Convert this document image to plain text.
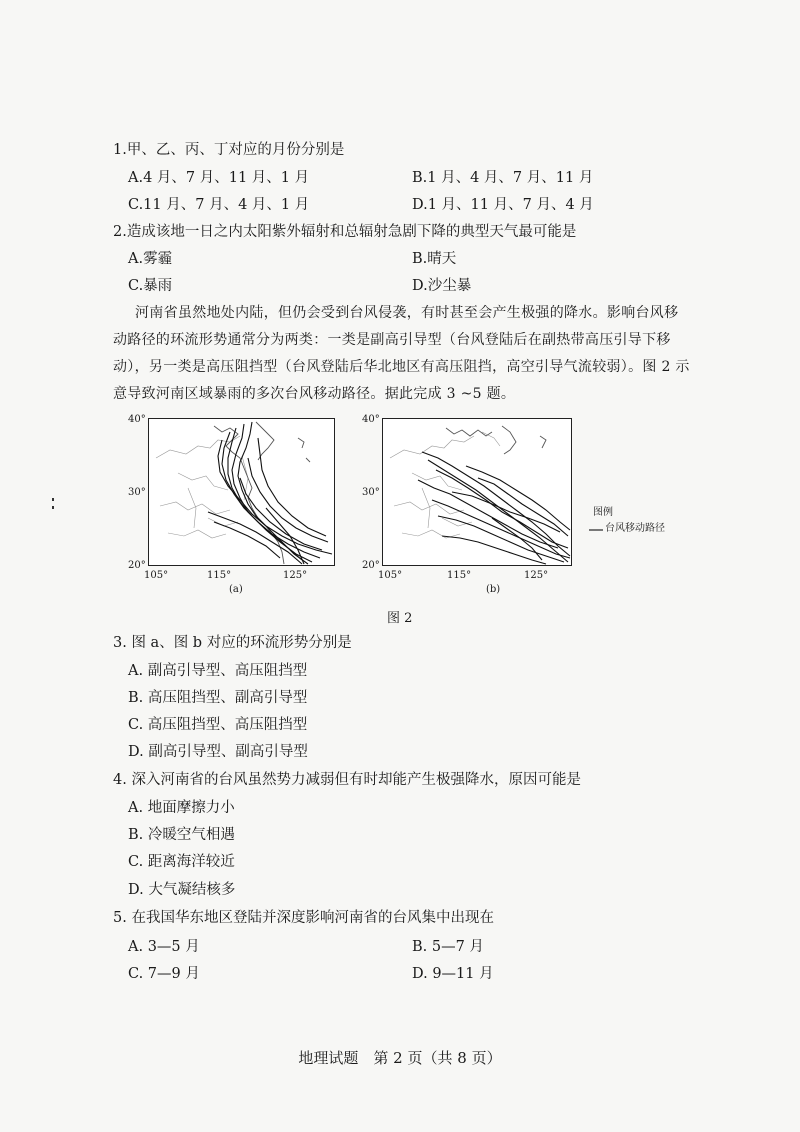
1.甲、乙、丙、丁对应的月份分别是
A.4 月、7 月、11 月、1 月	B.1 月、4 月、7 月、11 月
C.11 月、7 月、4 月、1 月	D.1 月、11 月、7 月、4 月
2.造成该地一日之内太阳紫外辐射和总辐射急剧下降的典型天气最可能是
A.雾霾	B.晴天
C.暴雨	D.沙尘暴
河南省虽然地处内陆，但仍会受到台风侵袭，有时甚至会产生极强的降水。影响台风移
动路径的环流形势通常分为两类：一类是副高引导型（台风登陆后在副热带高压引导下移
动），另一类是高压阻挡型（台风登陆后华北地区有高压阻挡，高空引导气流较弱）。图 2 示
意导致河南区域暴雨的多次台风移动路径。据此完成 3 ~5 题。
40°
30°
20°
105°	115°	125°
(a)
40°
30°
20°
105°	115°	125°
(b)
图例
台风移动路径
图 2
3. 图 a、图 b 对应的环流形势分别是
A. 副高引导型、高压阻挡型
B. 高压阻挡型、副高引导型
C. 高压阻挡型、高压阻挡型
D. 副高引导型、副高引导型
4. 深入河南省的台风虽然势力减弱但有时却能产生极强降水，原因可能是
A. 地面摩擦力小
B. 冷暖空气相遇
C. 距离海洋较近
D. 大气凝结核多
5. 在我国华东地区登陆并深度影响河南省的台风集中出现在
A. 3—5 月	B. 5—7 月
C. 7—9 月	D. 9—11 月
地理试题　第 2 页（共 8 页）
